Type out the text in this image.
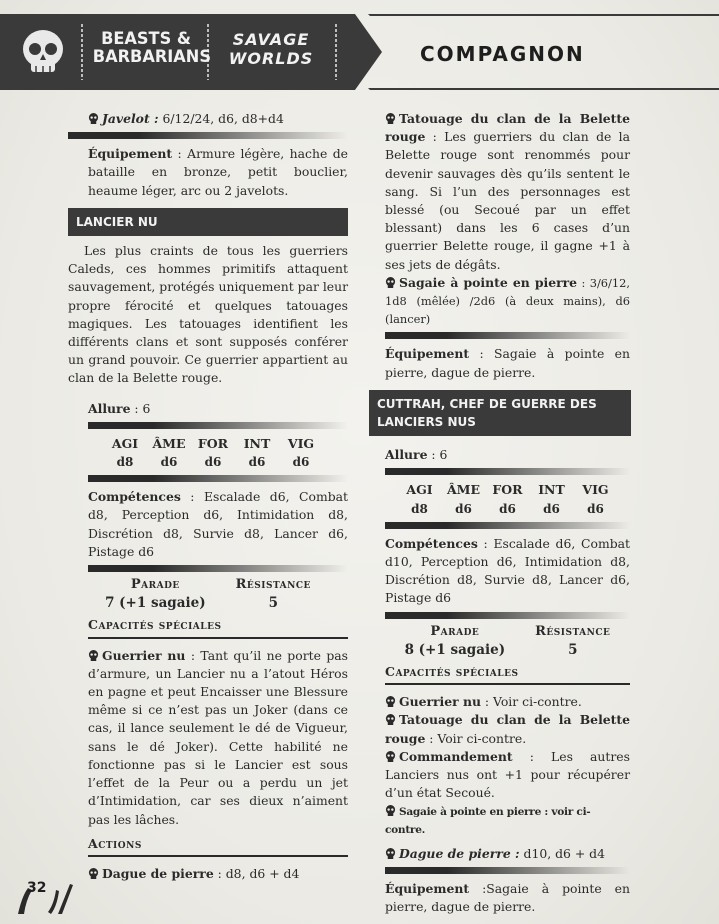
BEASTS &
BARBARIANS
SAVAGE
WORLDS	COMPAGNON
Javelot : 6/12/24, d6, d8+d4
Équipement : Armure légère, hache de bataille en bronze, petit bouclier, heaume léger, arc ou 2 javelots.
LANCIER NU
Les plus craints de tous les guerriers Caleds, ces hommes primitifs attaquent sauvagement, protégés uniquement par leur propre férocité et quelques tatouages magiques. Les tatouages identifient les différents clans et sont supposés conférer un grand pouvoir. Ce guerrier appartient au clan de la Belette rouge.
Allure : 6
AGI
d8
ÂME
d6
FOR
d6
INT
d6
VIG
d6
Compétences : Escalade d6, Combat d8, Perception d6, Intimidation d8, Discrétion d8, Survie d8, Lancer d6, Pistage d6
Parade
7 (+1 sagaie)
Résistance
5
Capacités spéciales
Guerrier nu : Tant qu’il ne porte pas d’armure, un Lancier nu a l’atout Héros en pagne et peut Encaisser une Blessure même si ce n’est pas un Joker (dans ce cas, il lance seulement le dé de Vigueur, sans le dé Joker). Cette habilité ne fonctionne pas si le Lancier est sous l’effet de la Peur ou a perdu un jet d’Intimidation, car ses dieux n’aiment pas les lâches.
Actions
Dague de pierre : d8, d6 + d4
Tatouage du clan de la Belette rouge : Les guerriers du clan de la Belette rouge sont renommés pour devenir sauvages dès qu’ils sentent le sang. Si l’un des personnages est blessé (ou Secoué par un effet blessant) dans les 6 cases d’un guerrier Belette rouge, il gagne +1 à ses jets de dégâts.
Sagaie à pointe en pierre : 3/6/12, 1d8 (mêlée) /2d6 (à deux mains), d6 (lancer)
Équipement : Sagaie à pointe en pierre, dague de pierre.
CUTTRAH, CHEF DE GUERRE DES LANCIERS NUS
Allure : 6
AGI
d8
ÂME
d6
FOR
d6
INT
d6
VIG
d6
Compétences : Escalade d6, Combat d10, Perception d6, Intimidation d8, Discrétion d8, Survie d8, Lancer d6, Pistage d6
Parade
8 (+1 sagaie)
Résistance
5
Capacités spéciales
Guerrier nu : Voir ci-contre.
Tatouage du clan de la Belette rouge : Voir ci-contre.
Commandement : Les autres Lanciers nus ont +1 pour récupérer d’un état Secoué.
Sagaie à pointe en pierre : voir ci-contre.
Dague de pierre : d10, d6 + d4
Équipement :Sagaie à pointe en pierre, dague de pierre.
32
